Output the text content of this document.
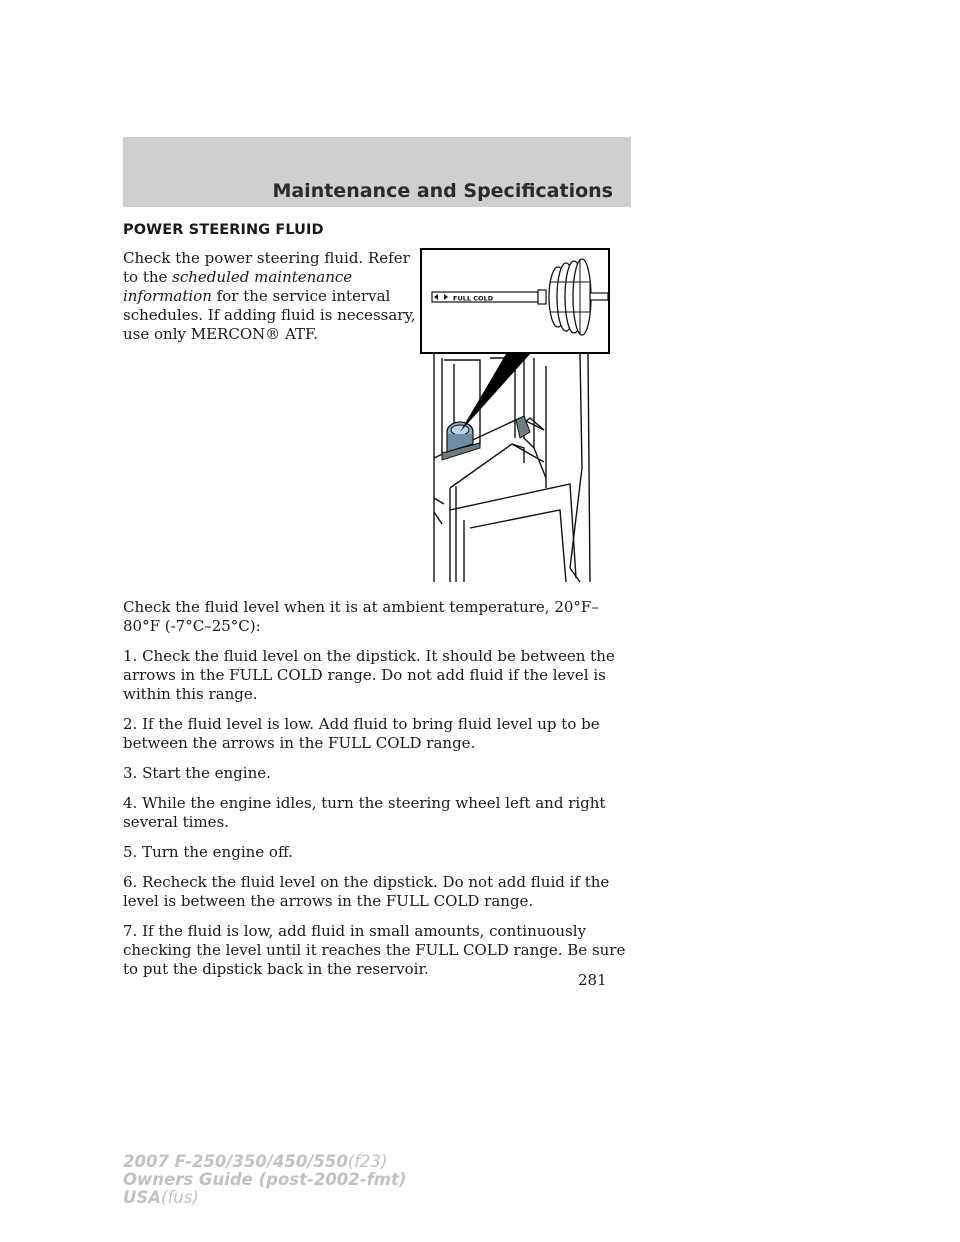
Maintenance and Specifications
POWER STEERING FLUID

Check the power steering fluid. Refer to the scheduled maintenance information for the service interval schedules. If adding fluid is necessary, use only MERCON® ATF.

FULL COLD

Check the fluid level when it is at ambient temperature, 20°F–80°F (-7°C–25°C):

1. Check the fluid level on the dipstick. It should be between the arrows in the FULL COLD range. Do not add fluid if the level is within this range.

2. If the fluid level is low. Add fluid to bring fluid level up to be between the arrows in the FULL COLD range.

3. Start the engine.

4. While the engine idles, turn the steering wheel left and right several times.

5. Turn the engine off.

6. Recheck the fluid level on the dipstick. Do not add fluid if the level is between the arrows in the FULL COLD range.

7. If the fluid is low, add fluid in small amounts, continuously checking the level until it reaches the FULL COLD range. Be sure to put the dipstick back in the reservoir.

281
2007 F-250/350/450/550(f23)
Owners Guide (post-2002-fmt)
USA(fus)
